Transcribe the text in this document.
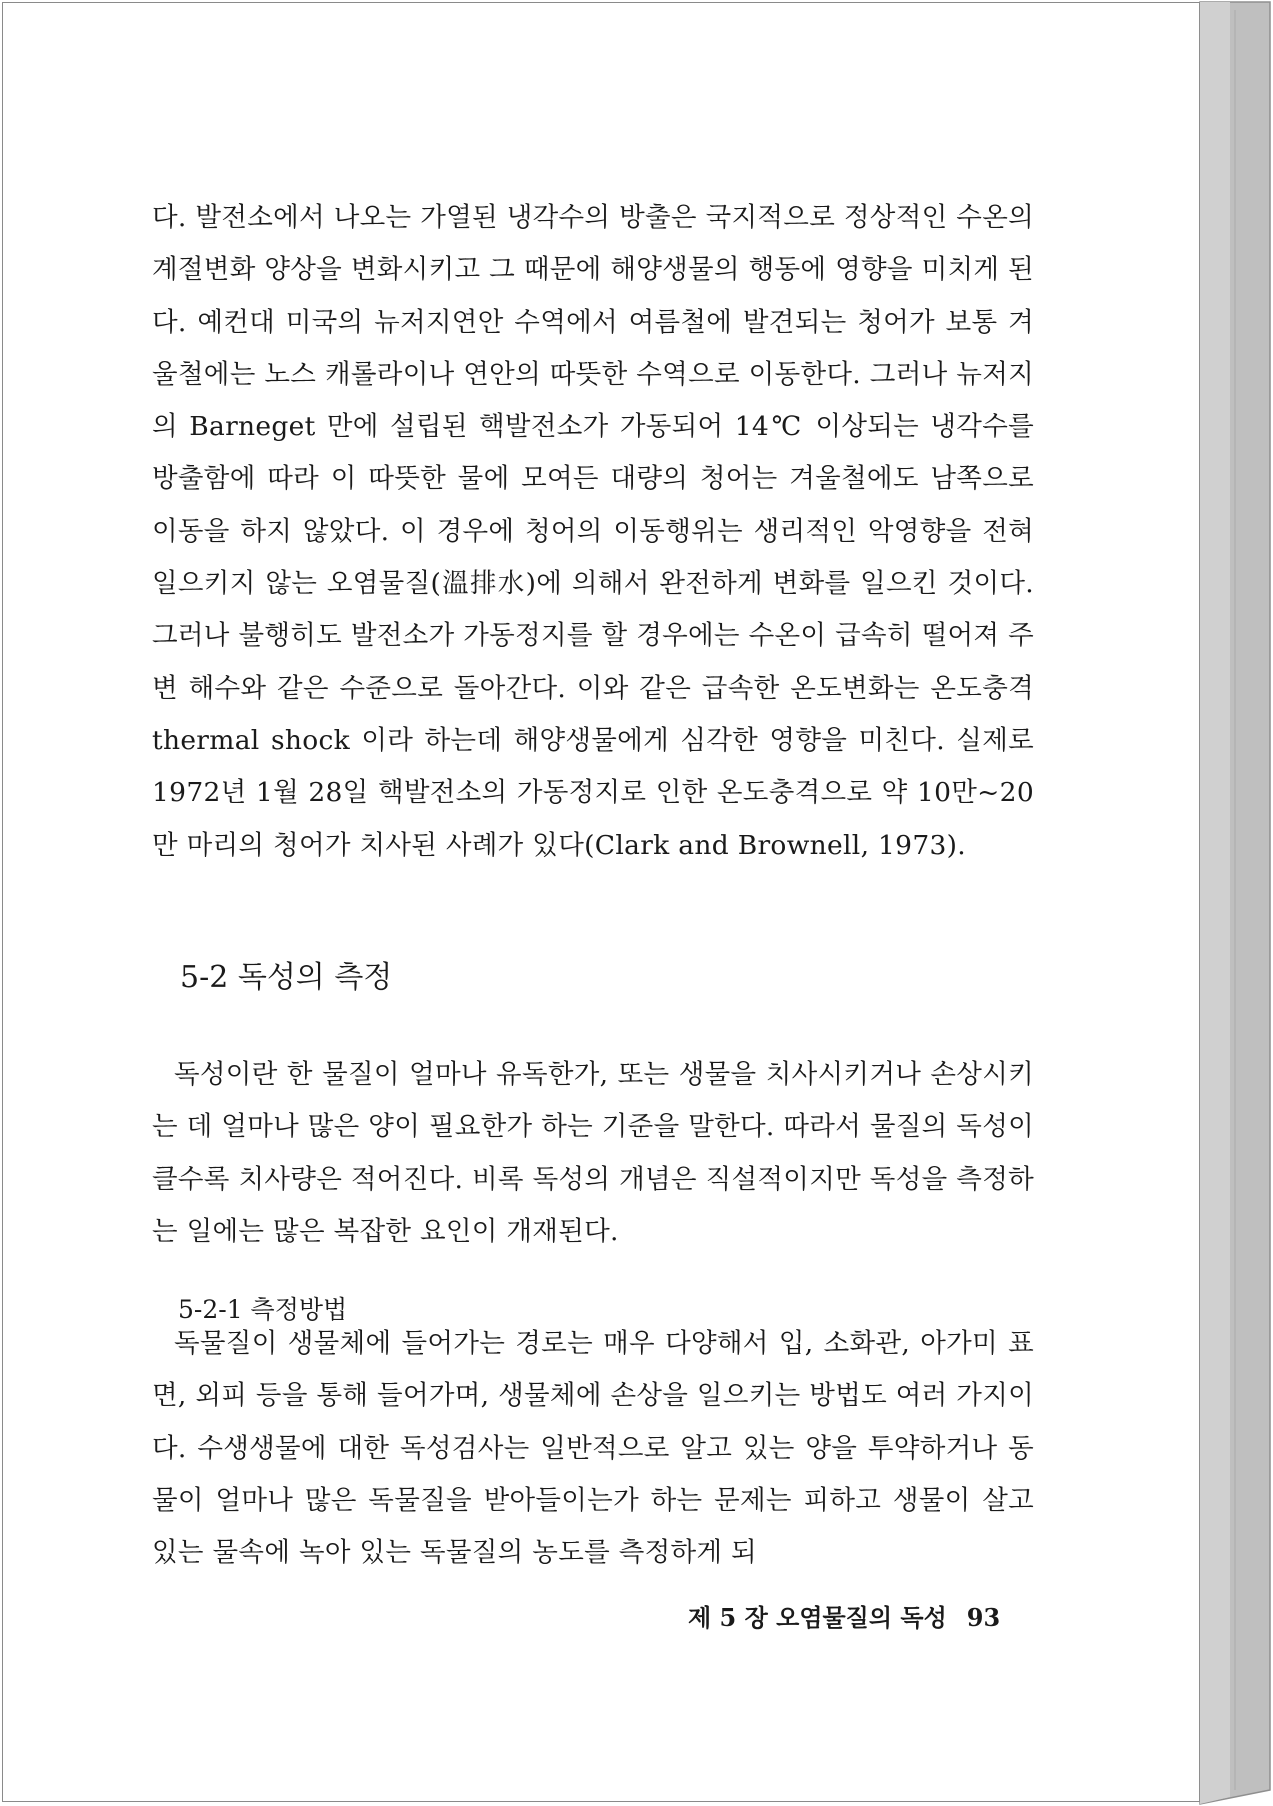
다. 발전소에서 나오는 가열된 냉각수의 방출은 국지적으로 정상적인 수온의 계절변화 양상을 변화시키고 그 때문에 해양생물의 행동에 영향을 미치게 된다. 예컨대 미국의 뉴저지연안 수역에서 여름철에 발견되는 청어가 보통 겨울철에는 노스 캐롤라이나 연안의 따뜻한 수역으로 이동한다. 그러나 뉴저지의 Barneget 만에 설립된 핵발전소가 가동되어 14℃ 이상되는 냉각수를 방출함에 따라 이 따뜻한 물에 모여든 대량의 청어는 겨울철에도 남쪽으로 이동을 하지 않았다. 이 경우에 청어의 이동행위는 생리적인 악영향을 전혀 일으키지 않는 오염물질(溫排水)에 의해서 완전하게 변화를 일으킨 것이다. 그러나 불행히도 발전소가 가동정지를 할 경우에는 수온이 급속히 떨어져 주변 해수와 같은 수준으로 돌아간다. 이와 같은 급속한 온도변화는 온도충격 thermal shock 이라 하는데 해양생물에게 심각한 영향을 미친다. 실제로 1972년 1월 28일 핵발전소의 가동정지로 인한 온도충격으로 약 10만~20만 마리의 청어가 치사된 사례가 있다(Clark and Brownell, 1973).

5-2 독성의 측정

독성이란 한 물질이 얼마나 유독한가, 또는 생물을 치사시키거나 손상시키는 데 얼마나 많은 양이 필요한가 하는 기준을 말한다. 따라서 물질의 독성이 클수록 치사량은 적어진다. 비록 독성의 개념은 직설적이지만 독성을 측정하는 일에는 많은 복잡한 요인이 개재된다.

5-2-1 측정방법

독물질이 생물체에 들어가는 경로는 매우 다양해서 입, 소화관, 아가미 표면, 외피 등을 통해 들어가며, 생물체에 손상을 일으키는 방법도 여러 가지이다. 수생생물에 대한 독성검사는 일반적으로 알고 있는 양을 투약하거나 동물이 얼마나 많은 독물질을 받아들이는가 하는 문제는 피하고 생물이 살고 있는 물속에 녹아 있는 독물질의 농도를 측정하게 되

제 5 장 오염물질의 독성 93
